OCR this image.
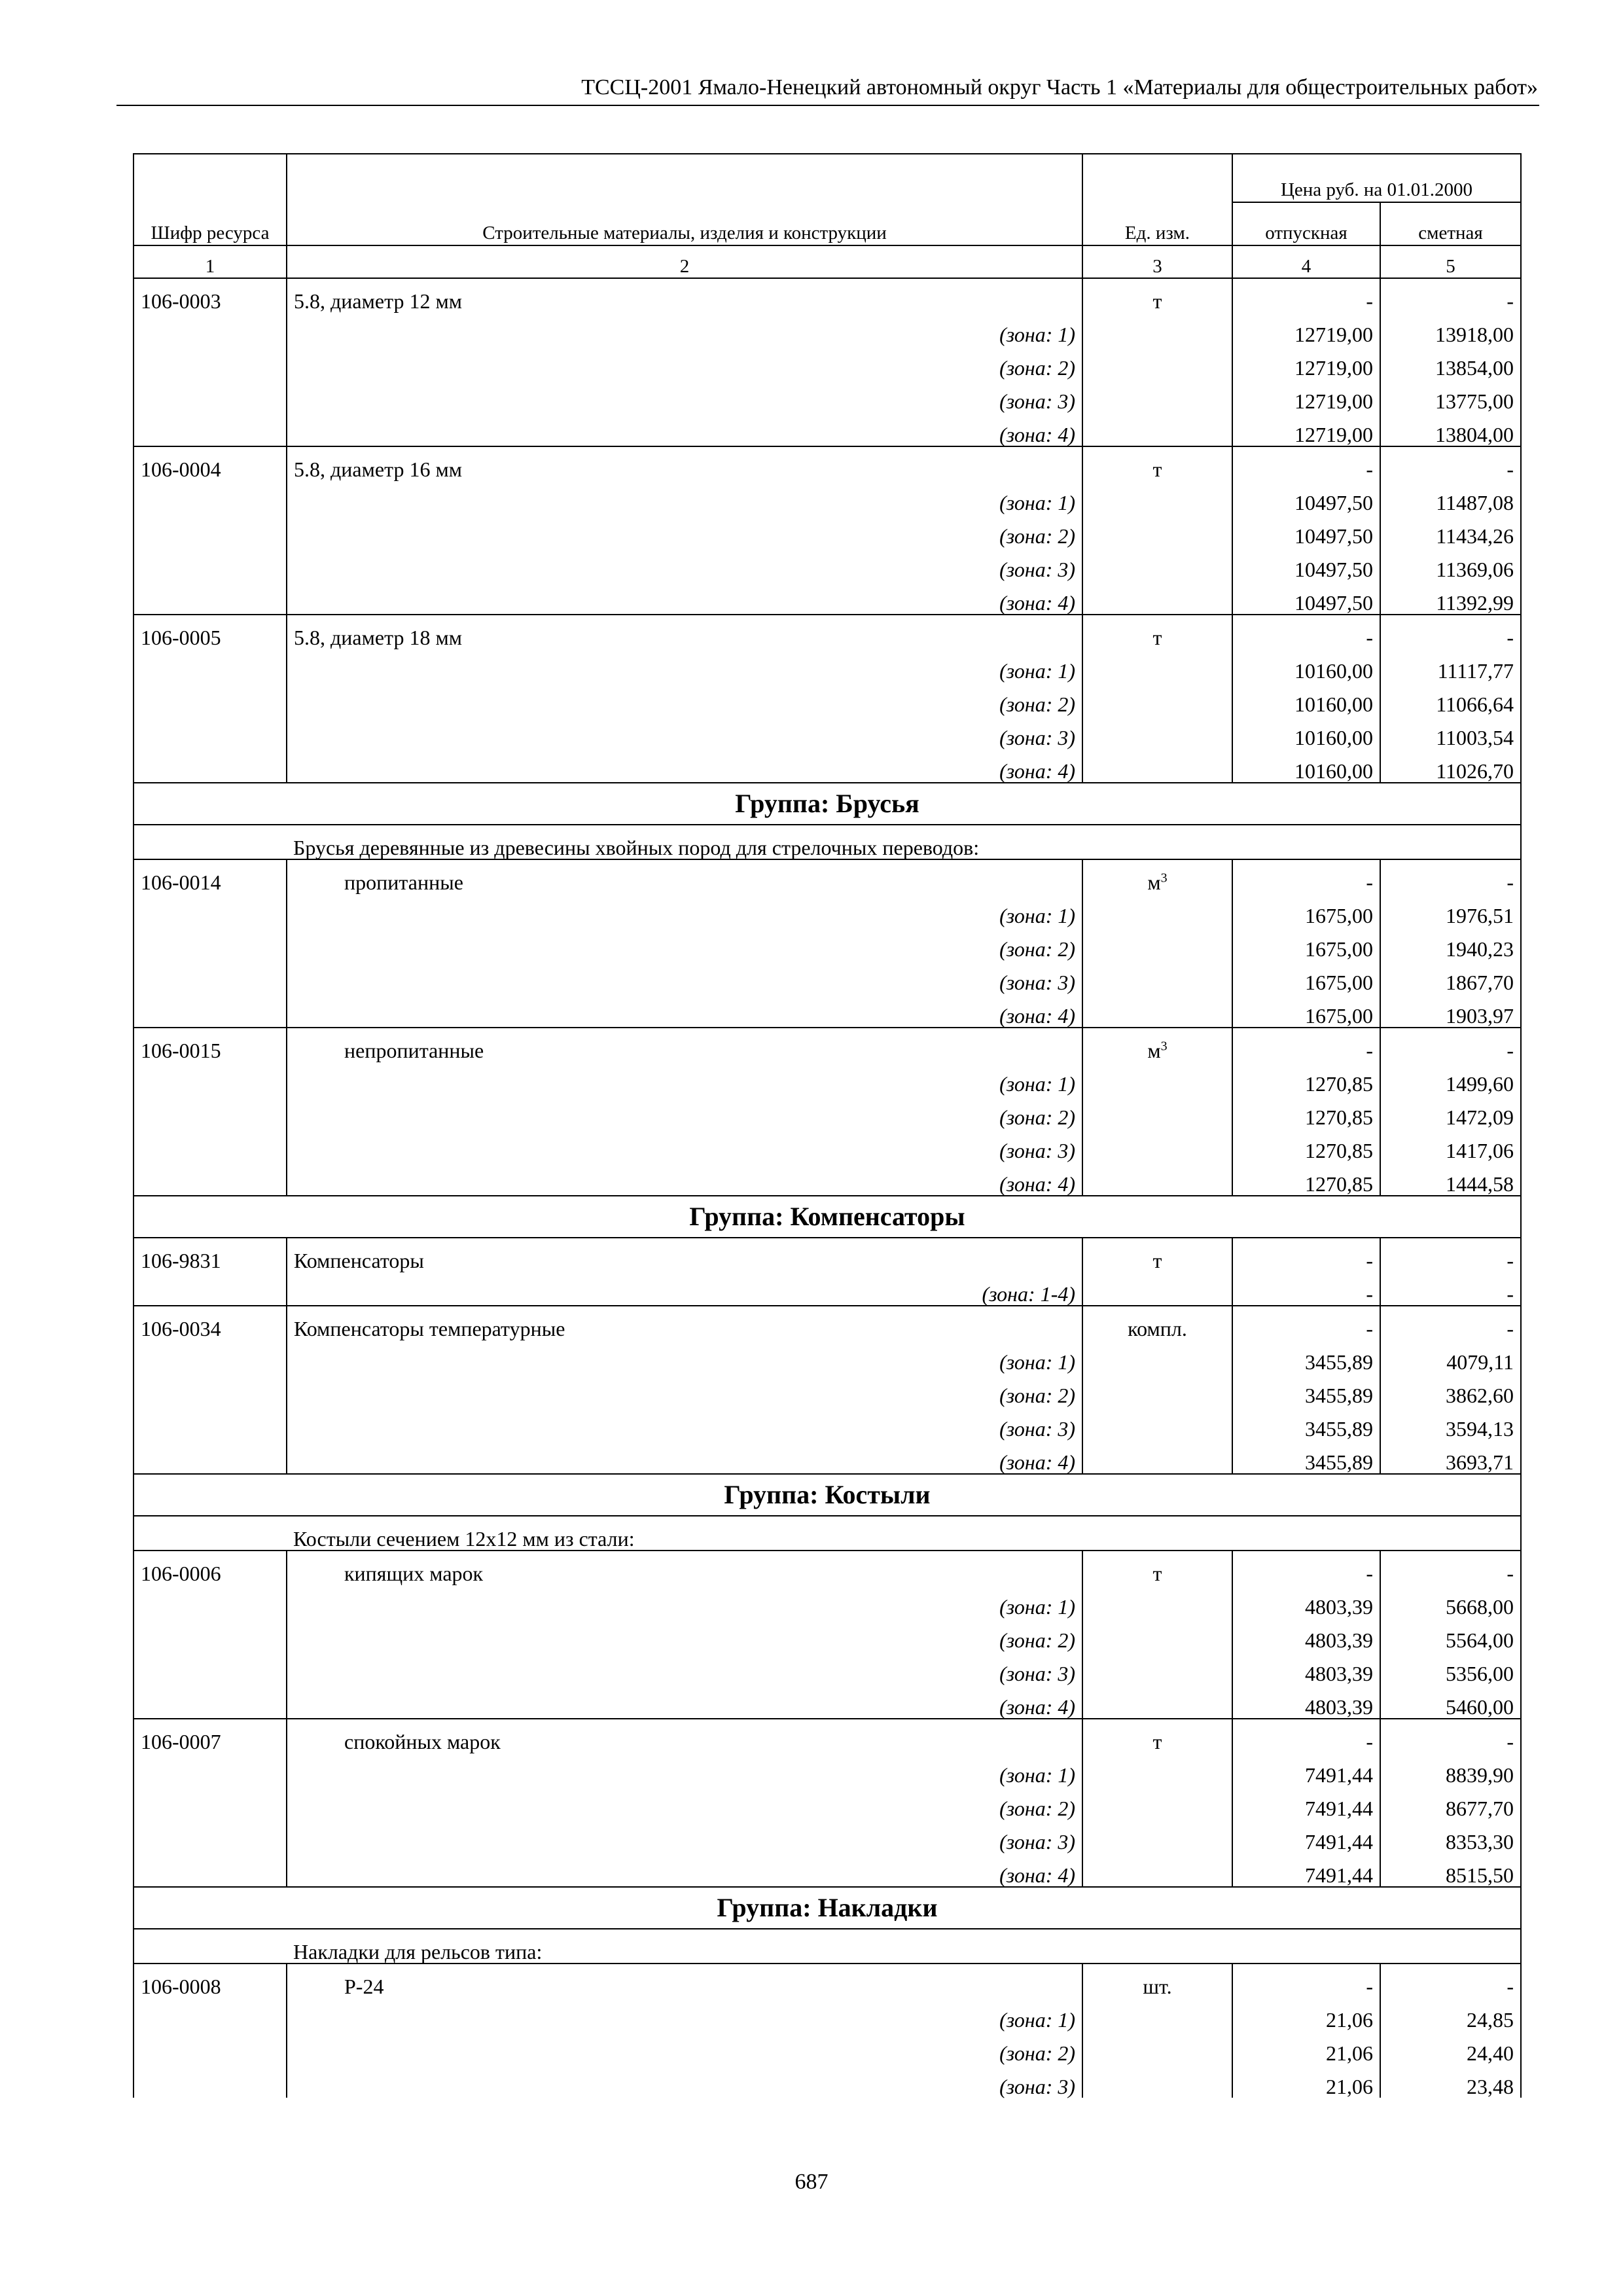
ТССЦ-2001 Ямало-Ненецкий автономный округ Часть 1 «Материалы для общестроительных работ»
Шифр ресурса	Строительные материалы, изделия и конструкции	Ед. изм.	Цена руб. на 01.01.2000	
			отпускная	сметная
1	2	3	4	5
106-0003	5.8, диаметр 12 мм	т	-	-
	(зона: 1)		12719,00	13918,00
	(зона: 2)		12719,00	13854,00
	(зона: 3)		12719,00	13775,00
	(зона: 4)		12719,00	13804,00
106-0004	5.8, диаметр 16 мм	т	-	-
	(зона: 1)		10497,50	11487,08
	(зона: 2)		10497,50	11434,26
	(зона: 3)		10497,50	11369,06
	(зона: 4)		10497,50	11392,99
106-0005	5.8, диаметр 18 мм	т	-	-
	(зона: 1)		10160,00	11117,77
	(зона: 2)		10160,00	11066,64
	(зона: 3)		10160,00	11003,54
	(зона: 4)		10160,00	11026,70
Группа: Брусья				
	Брусья деревянные из древесины хвойных пород для стрелочных переводов:			
106-0014	пропитанные	$м^3$	-	-
	(зона: 1)		1675,00	1976,51
	(зона: 2)		1675,00	1940,23
	(зона: 3)		1675,00	1867,70
	(зона: 4)		1675,00	1903,97
106-0015	непропитанные	$м^3$	-	-
	(зона: 1)		1270,85	1499,60
	(зона: 2)		1270,85	1472,09
	(зона: 3)		1270,85	1417,06
	(зона: 4)		1270,85	1444,58
Группа: Компенсаторы				
106-9831	Компенсаторы	т	-	-
	(зона: 1-4)		-	-
106-0034	Компенсаторы температурные	компл.	-	-
	(зона: 1)		3455,89	4079,11
	(зона: 2)		3455,89	3862,60
	(зона: 3)		3455,89	3594,13
	(зона: 4)		3455,89	3693,71
Группа: Костыли				
	Костыли сечением 12х12 мм из стали:			
106-0006	кипящих марок	т	-	-
	(зона: 1)		4803,39	5668,00
	(зона: 2)		4803,39	5564,00
	(зона: 3)		4803,39	5356,00
	(зона: 4)		4803,39	5460,00
106-0007	спокойных марок	т	-	-
	(зона: 1)		7491,44	8839,90
	(зона: 2)		7491,44	8677,70
	(зона: 3)		7491,44	8353,30
	(зона: 4)		7491,44	8515,50
Группа: Накладки				
	Накладки для рельсов типа:			
106-0008	Р-24	шт.	-	-
	(зона: 1)		21,06	24,85
	(зона: 2)		21,06	24,40
	(зона: 3)		21,06	23,48
687
